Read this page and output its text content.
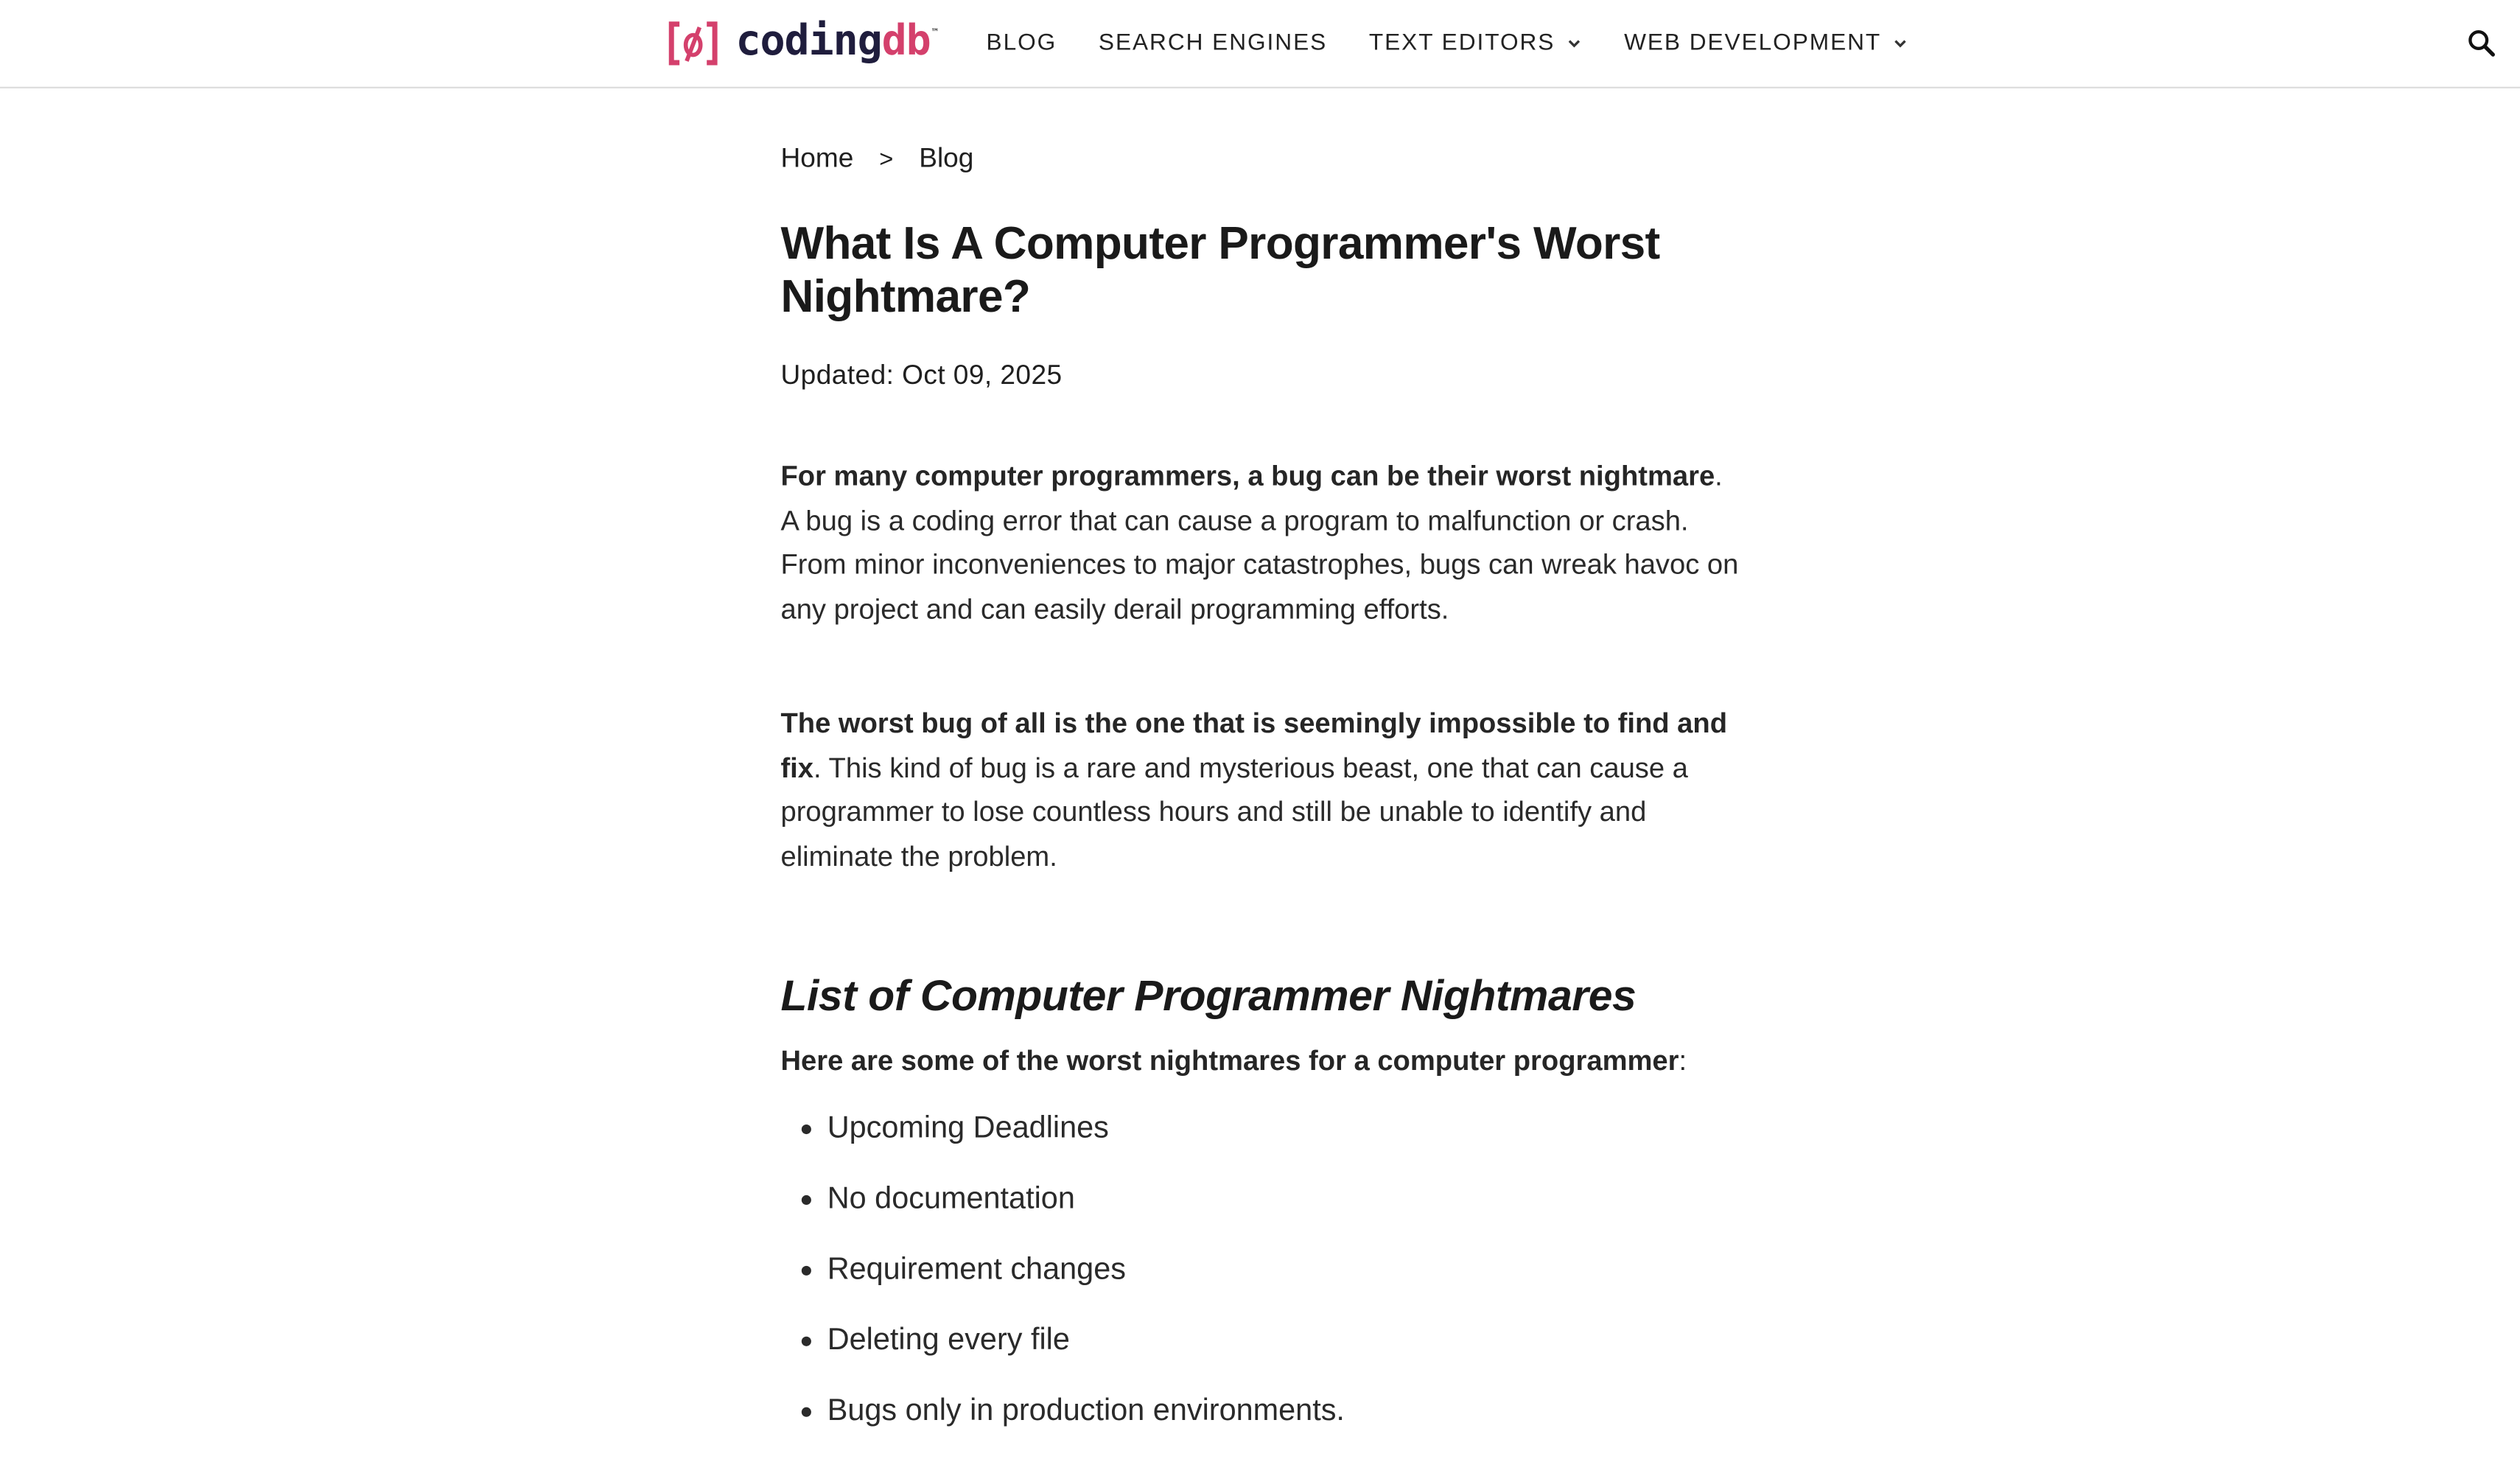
codingdb ™	BLOG	SEARCH ENGINES	TEXT EDITORS	WEB DEVELOPMENT
Home > Blog
What Is A Computer Programmer's Worst Nightmare?
Updated: Oct 09, 2025

For many computer programmers, a bug can be their worst nightmare. A bug is a coding error that can cause a program to malfunction or crash. From minor inconveniences to major catastrophes, bugs can wreak havoc on any project and can easily derail programming efforts.

The worst bug of all is the one that is seemingly impossible to find and fix. This kind of bug is a rare and mysterious beast, one that can cause a programmer to lose countless hours and still be unable to identify and eliminate the problem.

List of Computer Programmer Nightmares
Here are some of the worst nightmares for a computer programmer:
Upcoming Deadlines
No documentation
Requirement changes
Deleting every file
Bugs only in production environments.
